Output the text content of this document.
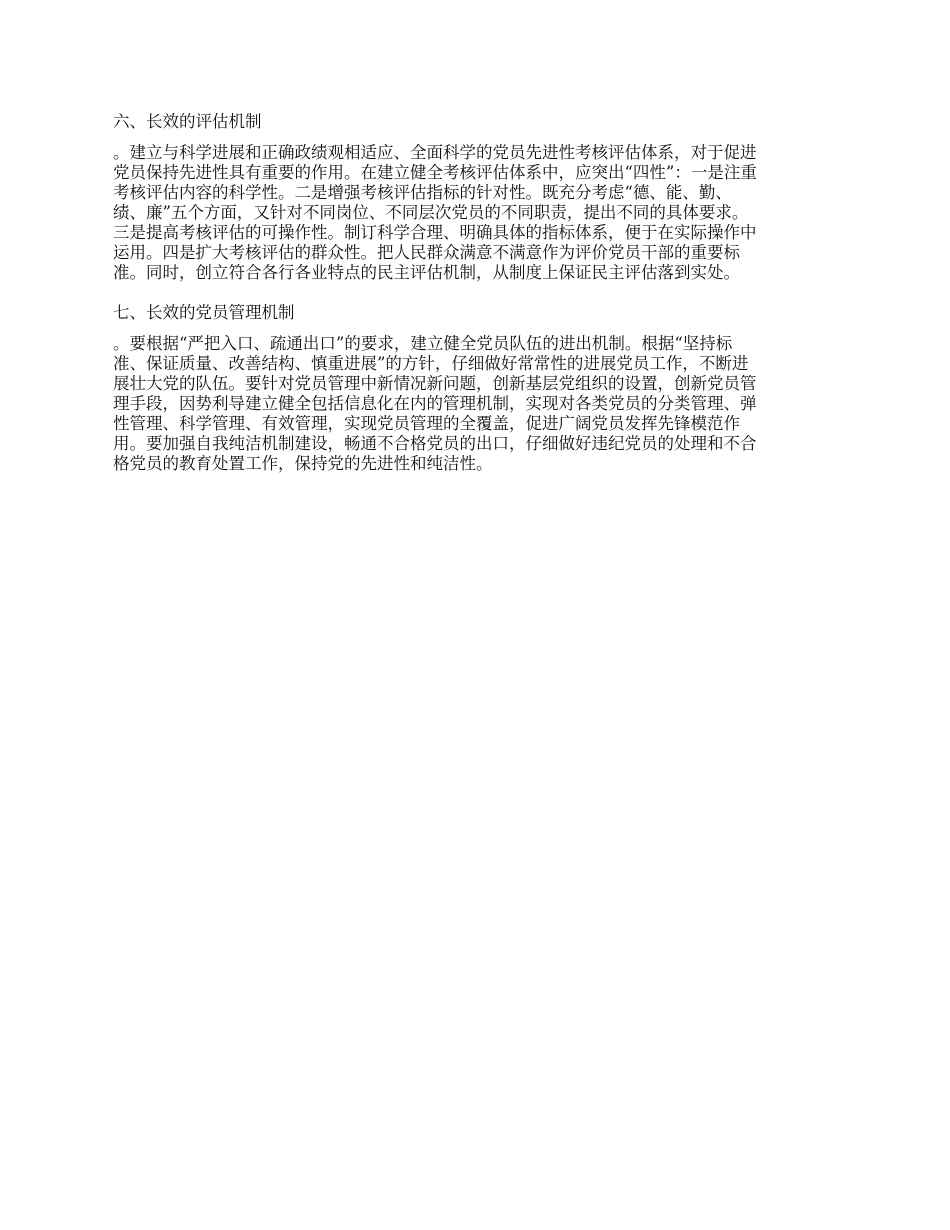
六、长效的评估机制
。建立与科学进展和正确政绩观相适应、全面科学的党员先进性考核评估体系，对于促进
党员保持先进性具有重要的作用。在建立健全考核评估体系中，应突出“四性”：一是注重
考核评估内容的科学性。二是增强考核评估指标的针对性。既充分考虑“德、能、勤、
绩、廉”五个方面，又针对不同岗位、不同层次党员的不同职责，提出不同的具体要求。
三是提高考核评估的可操作性。制订科学合理、明确具体的指标体系，便于在实际操作中
运用。四是扩大考核评估的群众性。把人民群众满意不满意作为评价党员干部的重要标
准。同时，创立符合各行各业特点的民主评估机制，从制度上保证民主评估落到实处。
七、长效的党员管理机制
。要根据“严把入口、疏通出口”的要求，建立健全党员队伍的进出机制。根据“坚持标
准、保证质量、改善结构、慎重进展”的方针，仔细做好常常性的进展党员工作，不断进
展壮大党的队伍。要针对党员管理中新情况新问题，创新基层党组织的设置，创新党员管
理手段，因势利导建立健全包括信息化在内的管理机制，实现对各类党员的分类管理、弹
性管理、科学管理、有效管理，实现党员管理的全覆盖，促进广阔党员发挥先锋模范作
用。要加强自我纯洁机制建设，畅通不合格党员的出口，仔细做好违纪党员的处理和不合
格党员的教育处置工作，保持党的先进性和纯洁性。
